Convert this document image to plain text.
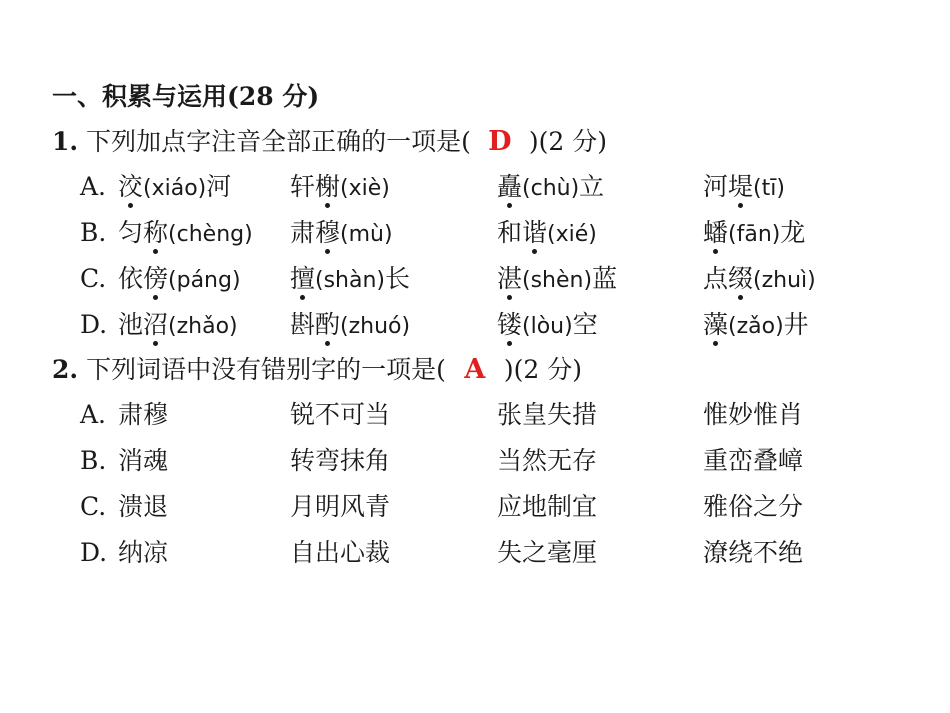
一、积累与运用(28 分)
1. 下列加点字注音全部正确的一项是( D )(2 分)
A. 洨(xiáo)河 轩榭(xiè)	矗(chù)立	河堤(tī)
B. 匀称(chèng) 肃穆(mù)	和谐(xié)	蟠(fān)龙
C. 依傍(páng) 擅(shàn)长	湛(shèn)蓝	点缀(zhuì)
D. 池沼(zhǎo) 斟酌(zhuó)	镂(lòu)空	藻(zǎo)井
2. 下列词语中没有错别字的一项是( A )(2 分)
A. 肃穆	锐不可当	张皇失措	惟妙惟肖
B. 消魂	转弯抹角	当然无存	重峦叠嶂
C. 溃退	月明风青	应地制宜	雅俗之分
D. 纳凉	自出心裁	失之毫厘	潦绕不绝
